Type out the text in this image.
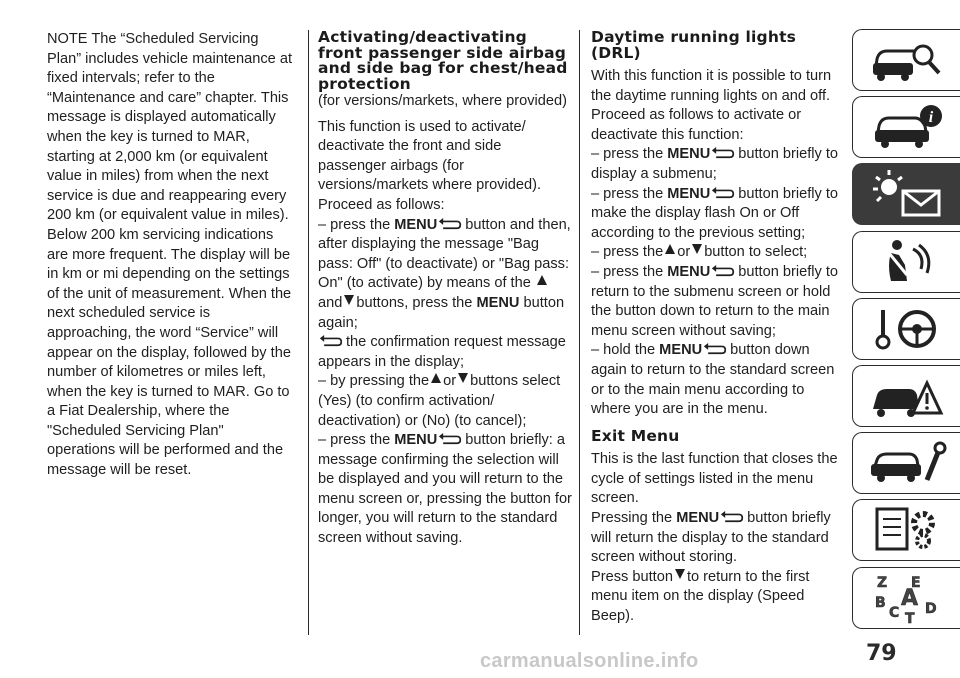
NOTE The “Scheduled Servicing Plan” includes vehicle maintenance at fixed intervals; refer to the “Maintenance and care” chapter. This message is displayed automatically when the key is turned to MAR, starting at 2,000 km (or equivalent value in miles) from when the next service is due and reappearing every 200 km (or equivalent value in miles). Below 200 km servicing indications are more frequent. The display will be in km or mi depending on the settings of the unit of measurement. When the next scheduled service is approaching, the word “Service” will appear on the display, followed by the number of kilometres or miles left, when the key is turned to MAR. Go to a Fiat Dealership, where the "Scheduled Servicing Plan" operations will be performed and the message will be reset.

Activating/deactivating front passenger side airbag and side bag for chest/head protection

(for versions/markets, where provided)

This function is used to activate/ deactivate the front and side passenger airbags (for versions/markets where provided).

Proceed as follows:

– press the MENU button and then, after displaying the message "Bag pass: Off" (to deactivate) or "Bag pass: On" (to activate) by means of the and buttons, press the MENU button again;

the confirmation request message appears in the display;

– by pressing the or buttons select (Yes) (to confirm activation/ deactivation) or (No) (to cancel);

– press the MENU button briefly: a message confirming the selection will be displayed and you will return to the menu screen or, pressing the button for longer, you will return to the standard screen without saving.

Daytime running lights (DRL)

With this function it is possible to turn the daytime running lights on and off. Proceed as follows to activate or deactivate this function:

– press the MENU button briefly to display a submenu;

– press the MENU button briefly to make the display flash On or Off according to the previous setting;

– press the or button to select;

– press the MENU button briefly to return to the submenu screen or hold the button down to return to the main menu screen without saving;

– hold the MENU button down again to return to the standard screen or to the main menu according to where you are in the menu.

Exit Menu

This is the last function that closes the cycle of settings listed in the menu screen.

Pressing the MENU button briefly will return the display to the standard screen without storing.

Press button to return to the first menu item on the display (Speed Beep).

i
Z E
B A
C D
T
79
carmanualsonline.info
